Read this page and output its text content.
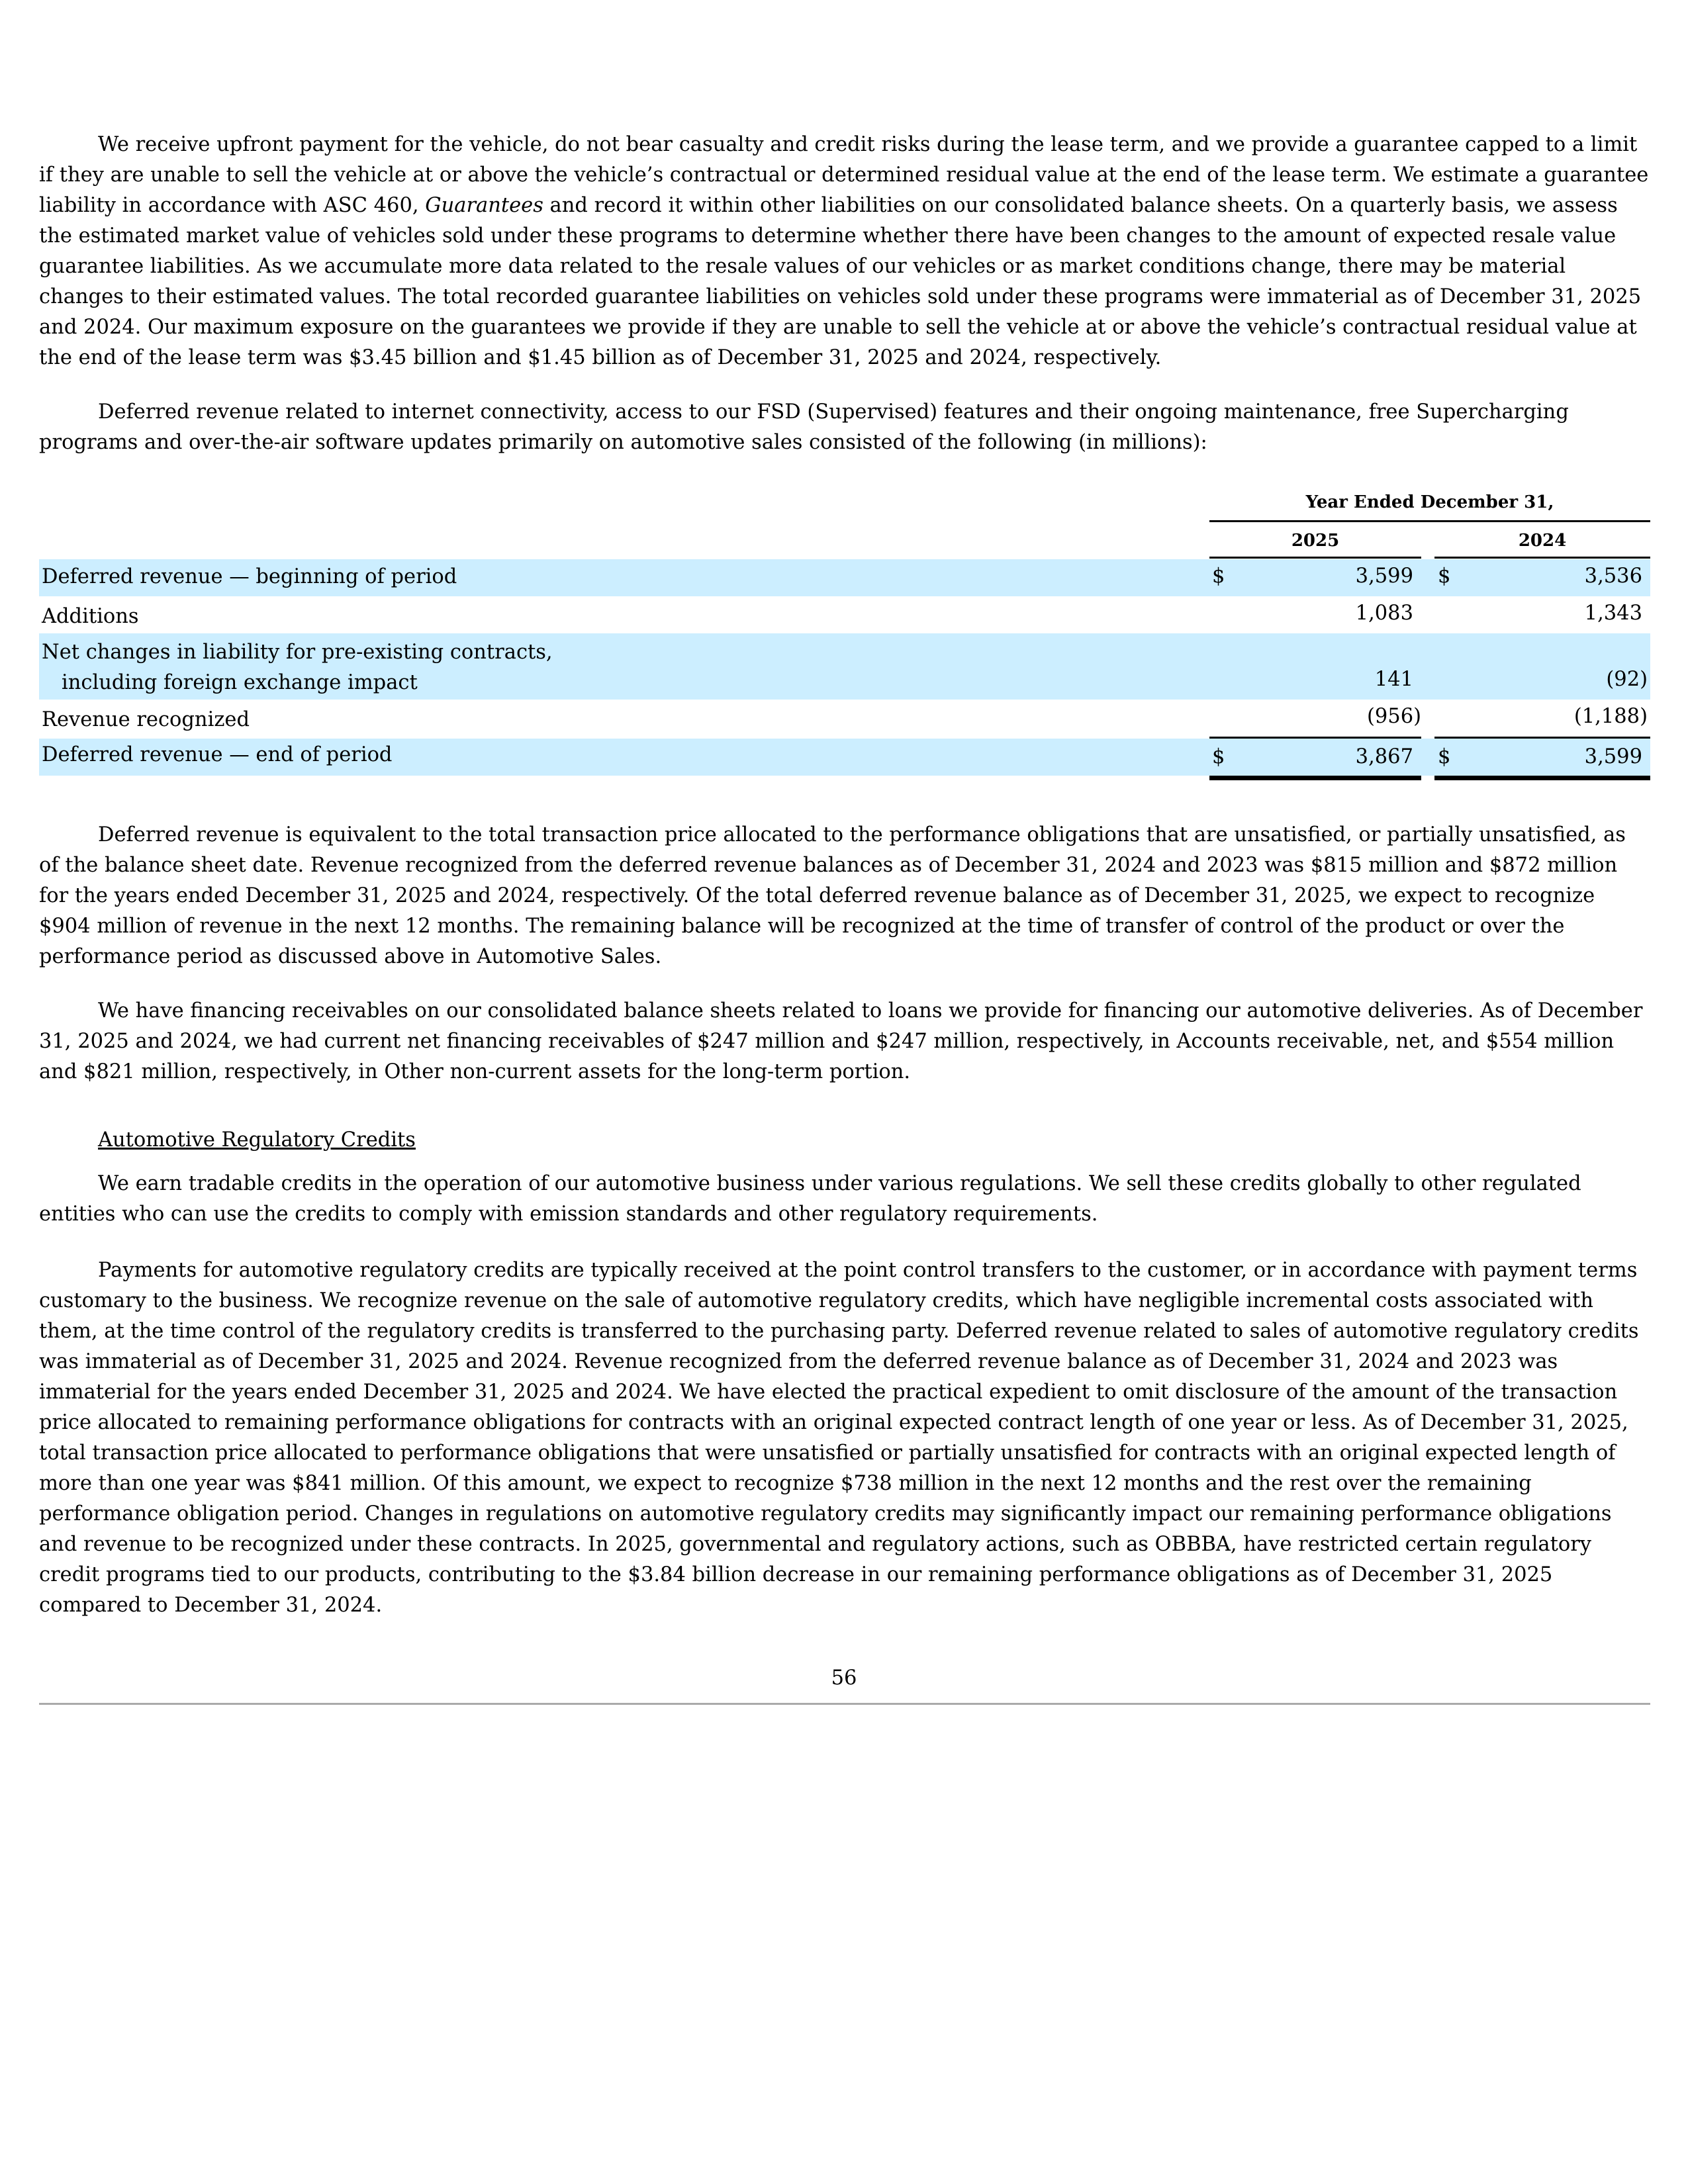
We receive upfront payment for the vehicle, do not bear casualty and credit risks during the lease term, and we provide a guarantee capped to a limit if they are unable to sell the vehicle at or above the vehicle’s contractual or determined residual value at the end of the lease term. We estimate a guarantee liability in accordance with ASC 460, Guarantees and record it within other liabilities on our consolidated balance sheets. On a quarterly basis, we assess the estimated market value of vehicles sold under these programs to determine whether there have been changes to the amount of expected resale value guarantee liabilities. As we accumulate more data related to the resale values of our vehicles or as market conditions change, there may be material changes to their estimated values. The total recorded guarantee liabilities on vehicles sold under these programs were immaterial as of December 31, 2025 and 2024. Our maximum exposure on the guarantees we provide if they are unable to sell the vehicle at or above the vehicle’s contractual residual value at the end of the lease term was $3.45 billion and $1.45 billion as of December 31, 2025 and 2024, respectively.

Deferred revenue related to internet connectivity, access to our FSD (Supervised) features and their ongoing maintenance, free Supercharging programs and over-the-air software updates primarily on automotive sales consisted of the following (in millions):

Year Ended December 31,
2025	2024
Deferred revenue — beginning of period	$	3,599 $	3,536
Additions	1,083	1,343
Net changes in liability for pre-existing contracts,
including foreign exchange impact	141	(92)
Revenue recognized	(956)	(1,188)
Deferred revenue — end of period	$	3,867 $	3,599

Deferred revenue is equivalent to the total transaction price allocated to the performance obligations that are unsatisfied, or partially unsatisfied, as of the balance sheet date. Revenue recognized from the deferred revenue balances as of December 31, 2024 and 2023 was $815 million and $872 million for the years ended December 31, 2025 and 2024, respectively. Of the total deferred revenue balance as of December 31, 2025, we expect to recognize $904 million of revenue in the next 12 months. The remaining balance will be recognized at the time of transfer of control of the product or over the performance period as discussed above in Automotive Sales.

We have financing receivables on our consolidated balance sheets related to loans we provide for financing our automotive deliveries. As of December 31, 2025 and 2024, we had current net financing receivables of $247 million and $247 million, respectively, in Accounts receivable, net, and $554 million and $821 million, respectively, in Other non-current assets for the long-term portion.

Automotive Regulatory Credits

We earn tradable credits in the operation of our automotive business under various regulations. We sell these credits globally to other regulated entities who can use the credits to comply with emission standards and other regulatory requirements.

Payments for automotive regulatory credits are typically received at the point control transfers to the customer, or in accordance with payment terms customary to the business. We recognize revenue on the sale of automotive regulatory credits, which have negligible incremental costs associated with them, at the time control of the regulatory credits is transferred to the purchasing party. Deferred revenue related to sales of automotive regulatory credits was immaterial as of December 31, 2025 and 2024. Revenue recognized from the deferred revenue balance as of December 31, 2024 and 2023 was immaterial for the years ended December 31, 2025 and 2024. We have elected the practical expedient to omit disclosure of the amount of the transaction price allocated to remaining performance obligations for contracts with an original expected contract length of one year or less. As of December 31, 2025, total transaction price allocated to performance obligations that were unsatisfied or partially unsatisfied for contracts with an original expected length of more than one year was $841 million. Of this amount, we expect to recognize $738 million in the next 12 months and the rest over the remaining performance obligation period. Changes in regulations on automotive regulatory credits may significantly impact our remaining performance obligations and revenue to be recognized under these contracts. In 2025, governmental and regulatory actions, such as OBBBA, have restricted certain regulatory credit programs tied to our products, contributing to the $3.84 billion decrease in our remaining performance obligations as of December 31, 2025 compared to December 31, 2024.

56
